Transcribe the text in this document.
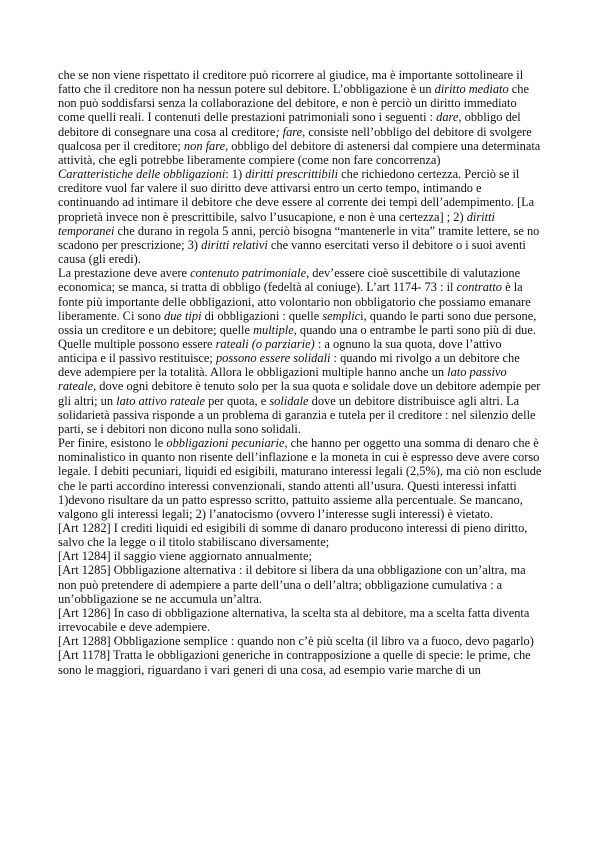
che se non viene rispettato il creditore può ricorrere al giudice, ma è importante sottolineare il fatto che il creditore non ha nessun potere sul debitore. L’obbligazione è un diritto mediato che non può soddisfarsi senza la collaborazione del debitore, e non è perciò un diritto immediato come quelli reali. I contenuti delle prestazioni patrimoniali sono i seguenti : dare, obbligo del debitore di consegnare una cosa al creditore; fare, consiste nell’obbligo del debitore di svolgere qualcosa per il creditore; non fare, obbligo del debitore di astenersi dal compiere una determinata attività, che egli potrebbe liberamente compiere (come non fare concorrenza)

Caratteristiche delle obbligazioni: 1) diritti prescrittibili che richiedono certezza. Perciò se il creditore vuol far valere il suo diritto deve attivarsi entro un certo tempo, intimando e continuando ad intimare il debitore che deve essere al corrente dei tempi dell’adempimento. [La proprietà invece non è prescrittibile, salvo l’usucapione, e non è una certezza] ; 2) diritti temporanei che durano in regola 5 anni, perciò bisogna “mantenerle in vita” tramite lettere, se no scadono per prescrizione; 3) diritti relativi che vanno esercitati verso il debitore o i suoi aventi causa (gli eredi).

La prestazione deve avere contenuto patrimoniale, dev’essere cioè suscettibile di valutazione economica; se manca, si tratta di obbligo (fedeltà al coniuge). L’art 1174- 73 : il contratto è la fonte più importante delle obbligazioni, atto volontario non obbligatorio che possiamo emanare liberamente. Ci sono due tipi di obbligazioni : quelle semplici, quando le parti sono due persone, ossia un creditore e un debitore; quelle multiple, quando una o entrambe le parti sono più di due. Quelle multiple possono essere rateali (o parziarie) : a ognuno la sua quota, dove l’attivo anticipa e il passivo restituisce; possono essere solidali : quando mi rivolgo a un debitore che deve adempiere per la totalità. Allora le obbligazioni multiple hanno anche un lato passivo rateale, dove ogni debitore è tenuto solo per la sua quota e solidale dove un debitore adempie per gli altri; un lato attivo rateale per quota, e solidale dove un debitore distribuisce agli altri. La solidarietà passiva risponde a un problema di garanzia e tutela per il creditore : nel silenzio delle parti, se i debitori non dicono nulla sono solidali.

Per finire, esistono le obbligazioni pecuniarie, che hanno per oggetto una somma di denaro che è nominalistico in quanto non risente dell’inflazione e la moneta in cui è espresso deve avere corso legale. I debiti pecuniari, liquidi ed esigibili, maturano interessi legali (2,5%), ma ciò non esclude che le parti accordino interessi convenzionali, stando attenti all’usura. Questi interessi infatti 1)devono risultare da un patto espresso scritto, pattuito assieme alla percentuale. Se mancano, valgono gli interessi legali; 2) l’anatocismo (ovvero l’interesse sugli interessi) è vietato.

[Art 1282] I crediti liquidi ed esigibili di somme di danaro producono interessi di pieno diritto, salvo che la legge o il titolo stabiliscano diversamente;

[Art 1284] il saggio viene aggiornato annualmente;

[Art 1285] Obbligazione alternativa : il debitore si libera da una obbligazione con un’altra, ma non può pretendere di adempiere a parte dell’una o dell’altra; obbligazione cumulativa : a un’obbligazione se ne accumula un’altra.

[Art 1286] In caso di obbligazione alternativa, la scelta sta al debitore, ma a scelta fatta diventa irrevocabile e deve adempiere.

[Art 1288] Obbligazione semplice : quando non c’è più scelta (il libro va a fuoco, devo pagarlo)

[Art 1178] Tratta le obbligazioni generiche in contrapposizione a quelle di specie: le prime, che sono le maggiori, riguardano i vari generi di una cosa, ad esempio varie marche di un
